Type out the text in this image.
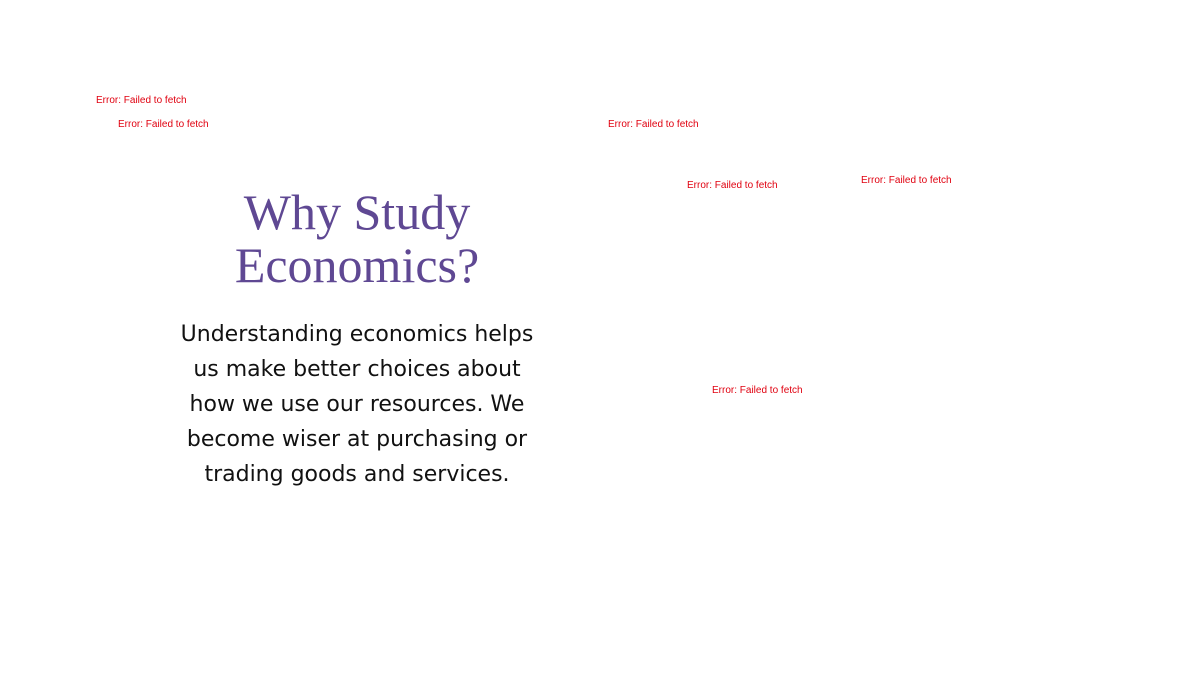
Error: Failed to fetch
Error: Failed to fetch	Error: Failed to fetch
Error: Failed to fetch	Error: Failed to fetch
Error: Failed to fetch
Why Study Economics?

Understanding economics helps us make better choices about how we use our resources. We become wiser at purchasing or trading goods and services.
